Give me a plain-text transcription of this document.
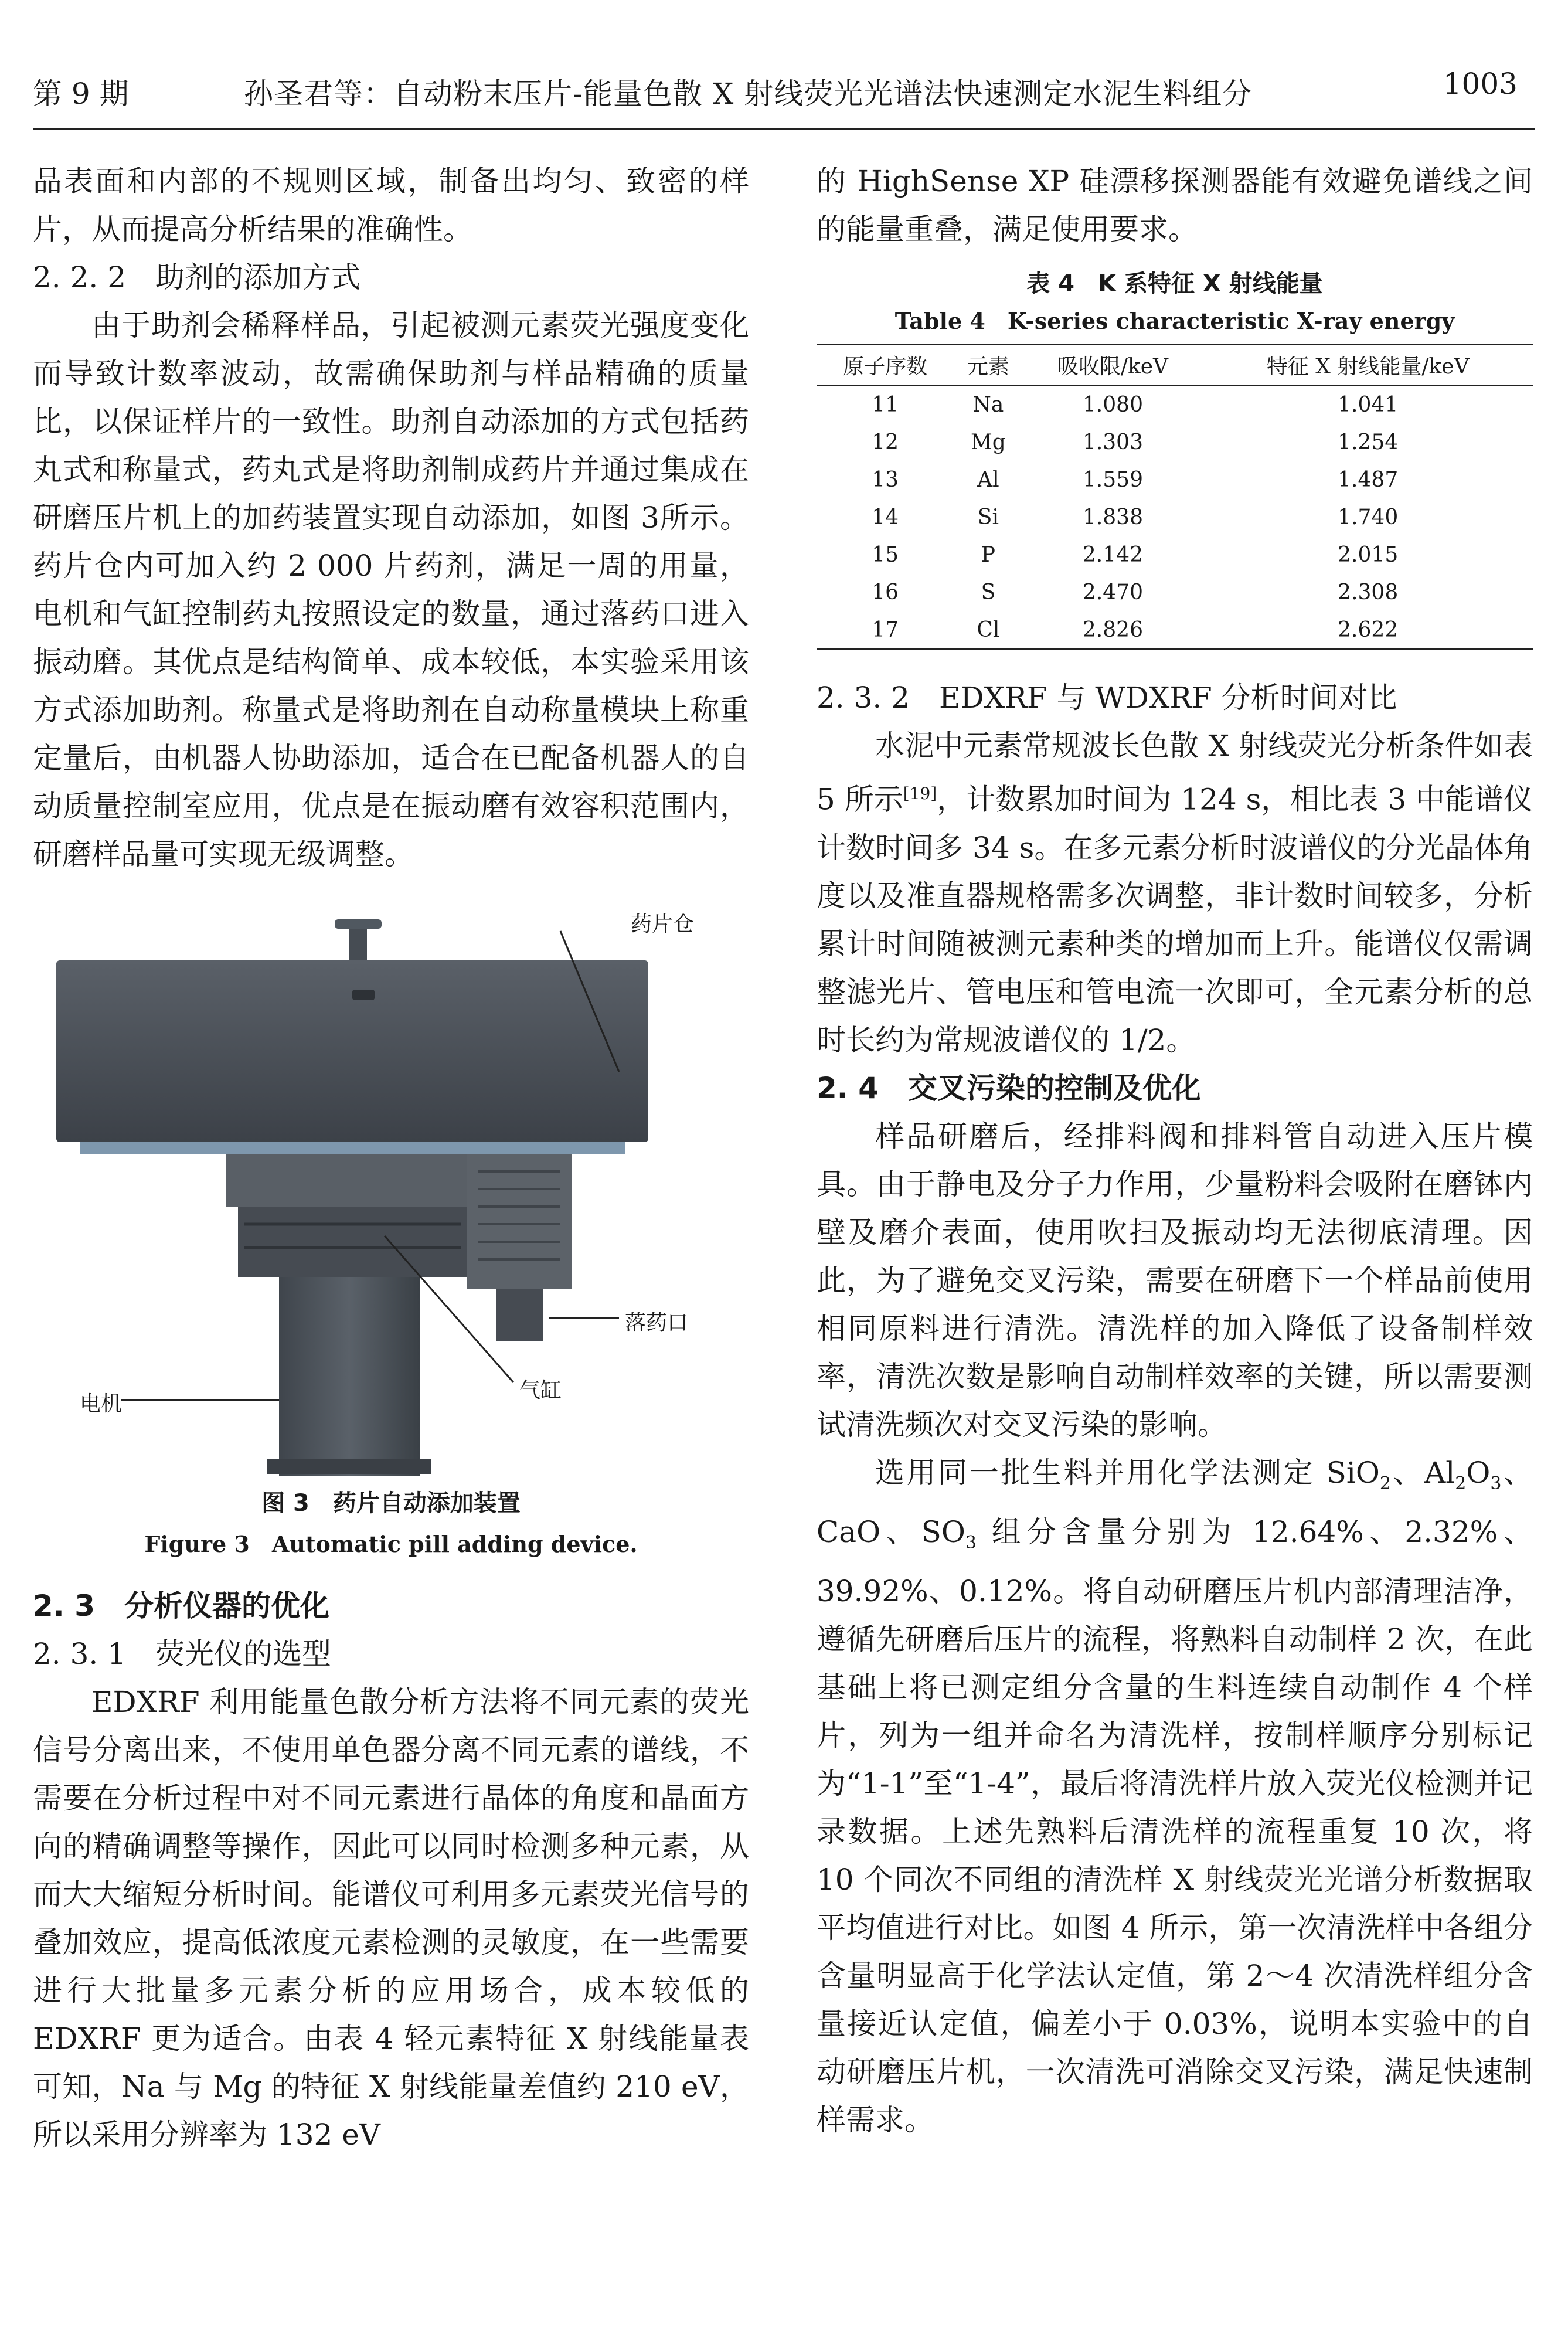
第 9 期	孙圣君等：自动粉末压片-能量色散 X 射线荧光光谱法快速测定水泥生料组分	1003

品表面和内部的不规则区域，制备出均匀、致密的样片，从而提高分析结果的准确性。

2. 2. 2　助剂的添加方式

由于助剂会稀释样品，引起被测元素荧光强度变化而导致计数率波动，故需确保助剂与样品精确的质量比，以保证样片的一致性。助剂自动添加的方式包括药丸式和称量式，药丸式是将助剂制成药片并通过集成在研磨压片机上的加药装置实现自动添加，如图 3所示。药片仓内可加入约 2 000 片药剂，满足一周的用量，电机和气缸控制药丸按照设定的数量，通过落药口进入振动磨。其优点是结构简单、成本较低，本实验采用该方式添加助剂。称量式是将助剂在自动称量模块上称重定量后，由机器人协助添加，适合在已配备机器人的自动质量控制室应用，优点是在振动磨有效容积范围内，研磨样品量可实现无级调整。

药片仓
落药口
气缸
电机

图 3　药片自动添加装置

Figure 3　Automatic pill adding device.

2. 3　分析仪器的优化

2. 3. 1　荧光仪的选型

EDXRF 利用能量色散分析方法将不同元素的荧光信号分离出来，不使用单色器分离不同元素的谱线，不需要在分析过程中对不同元素进行晶体的角度和晶面方向的精确调整等操作，因此可以同时检测多种元素，从而大大缩短分析时间。能谱仪可利用多元素荧光信号的叠加效应，提高低浓度元素检测的灵敏度，在一些需要进行大批量多元素分析的应用场合，成本较低的 EDXRF 更为适合。由表 4 轻元素特征 X 射线能量表可知，Na 与 Mg 的特征 X 射线能量差值约 210 eV，所以采用分辨率为 132 eV

的 HighSense XP 硅漂移探测器能有效避免谱线之间的能量重叠，满足使用要求。

表 4　K 系特征 X 射线能量

Table 4　K-series characteristic X-ray energy

原子序数	元素	吸收限/keV	特征 X 射线能量/keV
11	Na	1.080	1.041
12	Mg	1.303	1.254
13	Al	1.559	1.487
14	Si	1.838	1.740
15	P	2.142	2.015
16	S	2.470	2.308
17	Cl	2.826	2.622

2. 3. 2　EDXRF 与 WDXRF 分析时间对比

水泥中元素常规波长色散 X 射线荧光分析条件如表 5 所示[19]，计数累加时间为 124 s，相比表 3 中能谱仪计数时间多 34 s。在多元素分析时波谱仪的分光晶体角度以及准直器规格需多次调整，非计数时间较多，分析累计时间随被测元素种类的增加而上升。能谱仪仅需调整滤光片、管电压和管电流一次即可，全元素分析的总时长约为常规波谱仪的 1/2。

2. 4　交叉污染的控制及优化

样品研磨后，经排料阀和排料管自动进入压片模具。由于静电及分子力作用，少量粉料会吸附在磨钵内壁及磨介表面，使用吹扫及振动均无法彻底清理。因此，为了避免交叉污染，需要在研磨下一个样品前使用相同原料进行清洗。清洗样的加入降低了设备制样效率，清洗次数是影响自动制样效率的关键，所以需要测试清洗频次对交叉污染的影响。

选用同一批生料并用化学法测定 SiO$_2$、$Al_2O_3$、CaO、$SO_3$ 组分含量分别为 12.64%、2.32%、39.92%、0.12%。将自动研磨压片机内部清理洁净，遵循先研磨后压片的流程，将熟料自动制样 2 次，在此基础上将已测定组分含量的生料连续自动制作 4 个样片，列为一组并命名为清洗样，按制样顺序分别标记为“1-1”至“1-4”，最后将清洗样片放入荧光仪检测并记录数据。上述先熟料后清洗样的流程重复 10 次，将 10 个同次不同组的清洗样 X 射线荧光光谱分析数据取平均值进行对比。如图 4 所示，第一次清洗样中各组分含量明显高于化学法认定值，第 2～4 次清洗样组分含量接近认定值，偏差小于 0.03%，说明本实验中的自动研磨压片机，一次清洗可消除交叉污染，满足快速制样需求。
